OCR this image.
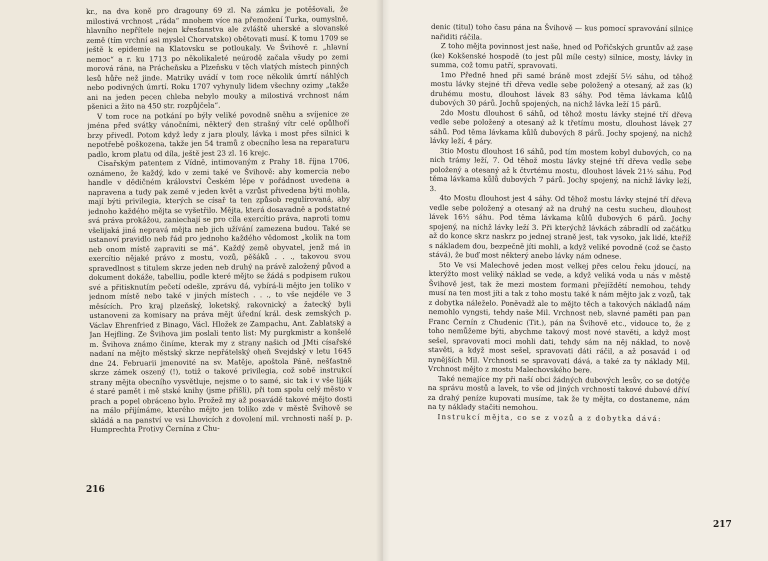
kr., na dva koně pro dragouny 69 zl. Na zámku je potěšovali, že milostivá vrchnost „ráda“ mnohem více na přemožení Turka, oumyslně, hlavního nepřítele nejen křesťanstva ale zvláště uherské a slovanské země (tím vrchní asi myslel Chorvatsko) obětovati musí. K tomu 1709 se ještě k epidemie na Klatovsku se potloukaly. Ve Švihově r. „hlavní nemoc“ a r. ku 1713 po několikaleté neúrodě začala všudy po zemi morová rána, na Prácheňsku a Plzeňsku v těch vlatých místech pinných lesů hůře než jinde. Matriky uvádí v tom roce několik úmrtí náhlých nebo podivných úmrtí. Roku 1707 vyhynuly lidem všechny ozimy „takže ani na jeden pecen chleba nebylo mouky a milostivá vrchnost nám pšenici a žito na 450 str. rozpůjčela“.

V tom roce na potkání po býly veliké povodně sněhu a svíjenice ze jména před svátky vánočními, některý den strašný vítr celé opůlhoří brzy přivedl. Potom když ledy z jara plouly, lávka i most přes silnici k nepotřebě poškozena, takže jen 54 tramů z obecního lesa na reparaturu padlo, krom platu od díla, ještě jest 23 zl. 16 krejc.

Císařským patentem z Vídně, intimovaným z Prahy 18. října 1706, oznámeno, že každý, kdo v zemi také ve Švihově: aby komercia nebo handle v dědičném království Českém lépe v pořádnost uvedena a napravena a tudy pak země v jeden květ a vzrůst přivedena býti mohla, mají býti privilegia, kterých se císař ta ten způsob regulírovaná, aby jednoho každého mějta se vyšetřilo. Mějta, která dosavadně a podstatné svá práva prokážou, zaniechají se pro cíla exercítio práva, naproti tomu všelijaká jiná nepravá mějta neb jich užívání zamezena budou. Také se ustanoví pravidlo neb řád pro jednoho každého vědomost „kolik na tom neb onom místě zapraviti se má“. Každý země obyvatel, jenž má in exercítio nějaké právo z mostu, vozů, pěšáků . . ., takovou svou spravedlnost s titulem skrze jeden neb druhý na právě založený původ a dokument dokáže, tabelliu, podle které mějto se žádá s podpisem rukou své a přitisknutím pečetí odešle, zprávu dá, vybírá-li mějto jen toliko v jednom místě nebo také v jiných místech . . ., to vše nejdéle ve 3 měsících. Pro kraj plzeňský, loketský, rakovnický a žatecký byli ustanoveni za komisary na práva mějt úřední král. desk zemských p. Václav Ehrenfried z Binago, Václ. Hložek ze Zampachu, Ant. Zablatský a Jan Hejfling. Ze Švihova jim poslali tento list: My purgkmistr a konšelé m. Švihova známo činíme, kterak my z strany našich od JMti císařské nadaní na mějto městský skrze nepřátelský oheň Svejdský v letu 1645 dne 24. Februarii jmenovité na sv. Matěje, apoštola Páně, nešťastně skrze zámek oszený (!), totiž o takové privilegia, což sobě instrukcí strany mějta obecního vysvětluje, nejsme o to samé, sic tak i v vše liják é staré pamět i mě stské knihy (jsme přišli), při tom spolu celý město v prach a popel obráceno bylo. Prožež my až posavádě takové mějto dosti na málo přijímáme, kterého mějto jen toliko zde v městě Švihově se skládá a na panství ve vsi Lhovicích z dovolení mil. vrchnosti naší p. p. Humprechta Protivy Černína z Chu-

216

denic (titul) toho času pána na Švihově — kus pomocí spravování silnice nařiditi ráčila.

Z toho mějta povinnost jest naše, hned od Pořičských gruntův až zase (ke) Kokšenské hospodě (to jest půl míle cesty) silnice, mosty, lávky in summa, což tomu patří, spravovati.

1mo Předně hned při samé bráně most zdejší 5½ sáhu, od těhož mostu lávky stejné tři dřeva vedle sebe položený a otesaný, až zas (k) druhému mostu, dlouhost lávek 83 sáhy. Pod těma lávkama kůlů dubových 30 párů. Jochů spojených, na nichž lávka leží 15 párů.

2do Mostu dlouhost 6 sáhů, od těhož mostu lávky stejné tří dřeva vedle sebe položený a otesaný až k třetímu mostu, dlouhost lávek 27 sáhů. Pod těma lávkama kůlů dubových 8 párů. Jochy spojený, na nichž lávky leží, 4 páry.

3tio Mostu dlouhost 16 sáhů, pod tím mostem kobyl dubových, co na nich trámy leží, 7. Od těhož mostu lávky stejné tří dřeva vedle sebe položený a otesaný až k čtvrtému mostu, dlouhost lávek 21½ sáhu. Pod těma lávkama kůlů dubových 7 párů. Jochy spojený, na nichž lávky leží, 3.

4to Mostu dlouhost jest 4 sáhy. Od těhož mostu lávky stejné tří dřeva vedle sebe položený a otesaný až na druhý na cestu sucheu, dlouhost lávek 16½ sáhu. Pod těma lávkama kůlů dubových 6 párů. Jochy spojený, na nichž lávky leží 3. Při kterýchž lávkách zábradlí od začátku až do konce skrz naskrz po jednej straně jest, tak vysoko, jak lidé, kteříž s nákladem dou, bezpečně jíti mohli, a když veliké povodně (což se často stává), že buď most některý anebo lávky nám odnese.

5to Ve vsi Malechově jeden most velkej přes celou řeku jdoucí, na kterýžto most veliký náklad se vede, a když veliká voda u nás v městě Švihově jest, tak že mezi mostem formani přejíždětí nemohou, tehdy musí na ten most jíti a tak z toho mostu také k nám mějto jak z vozů, tak z dobytka náleželo. Poněvadž ale to mějto těch a takových nákladů nám nemohlo vyngsti, tehdy naše Mil. Vrchnost neb, slavné paměti pan pan Franc Černín z Chudenic (Tit.), pán na Švihově etc., vidouce to, že z toho nemůžeme býti, abychme takový most nové stavěti, a když most sešel, spravovati moci mohli dati, tehdy sám na něj náklad, to nově stavěti, a když most sešel, spravovati dáti ráčil, a až posavád i od nynějších Mil. Vrchnosti se spravovati dává, a také za ty náklady Mil. Vrchnost mějto z mostu Malechovského bere.

Také nemajíce my při naší obci žádných dubových lesův, co se dotýče na správu mostů a lavek, to vše od jiných vrchností takové dubové dříví za drahý peníze kupovati musíme, tak že ty mějta, co dostaneme, nám na ty náklady stačiti nemohou.

Instrukcí mějta, co se z vozů a z dobytka dává:

217
